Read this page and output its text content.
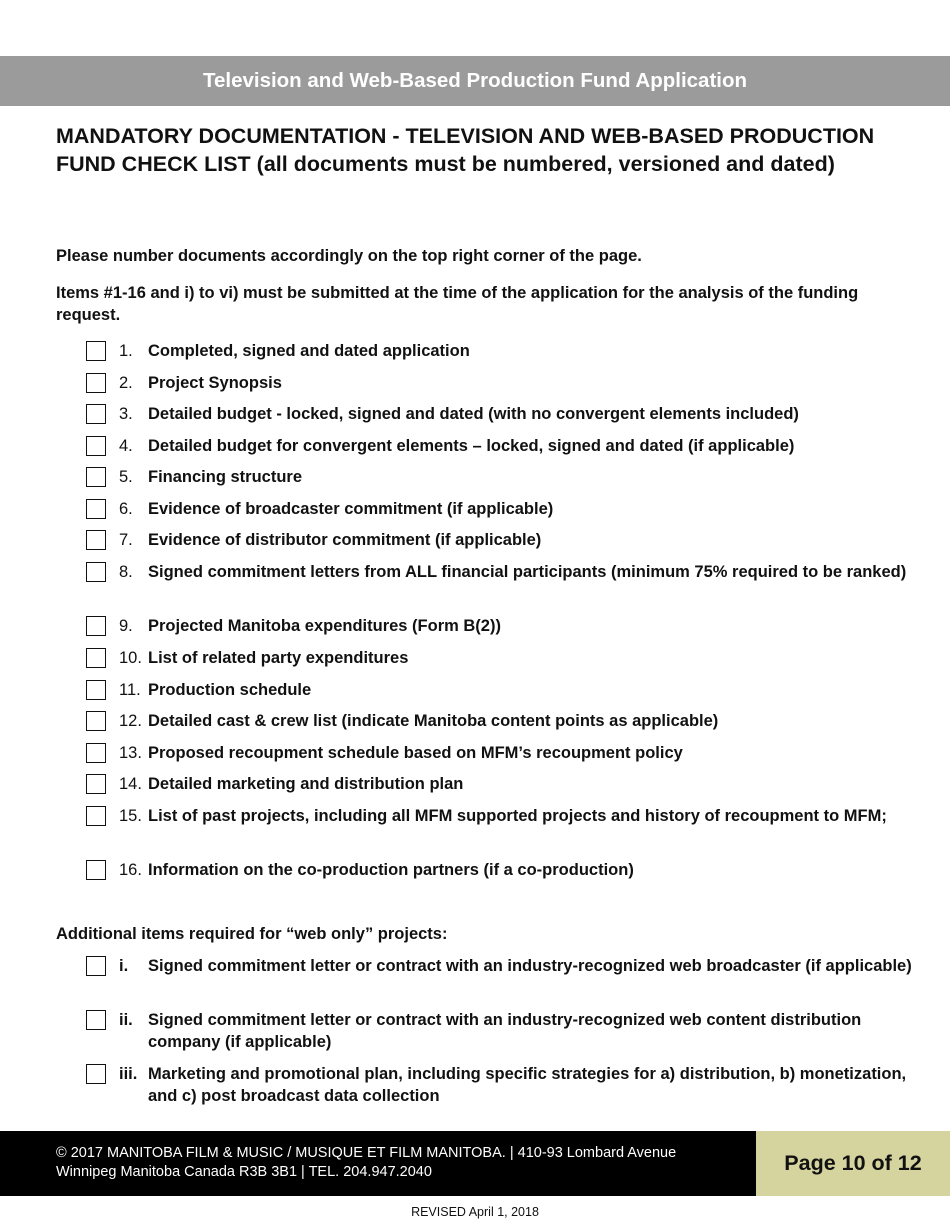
Television and Web-Based Production Fund Application
MANDATORY DOCUMENTATION - TELEVISION AND WEB-BASED PRODUCTION FUND CHECK LIST (all documents must be numbered, versioned and dated)

Please number documents accordingly on the top right corner of the page.

Items #1-16 and i) to vi) must be submitted at the time of the application for the analysis of the funding request.

1. Completed, signed and dated application
2. Project Synopsis
3. Detailed budget - locked, signed and dated (with no convergent elements included)
4. Detailed budget for convergent elements – locked, signed and dated (if applicable)
5. Financing structure
6. Evidence of broadcaster commitment (if applicable)
7. Evidence of distributor commitment (if applicable)
8. Signed commitment letters from ALL financial participants (minimum 75% required to be ranked)
9. Projected Manitoba expenditures (Form B(2))
10. List of related party expenditures
11. Production schedule
12. Detailed cast & crew list (indicate Manitoba content points as applicable)
13. Proposed recoupment schedule based on MFM’s recoupment policy
14. Detailed marketing and distribution plan
15. List of past projects, including all MFM supported projects and history of recoupment to MFM;
16. Information on the co-production partners (if a co-production)

Additional items required for “web only” projects:

i.	Signed commitment letter or contract with an industry-recognized web broadcaster (if applicable)
ii. Signed commitment letter or contract with an industry-recognized web content distribution company (if applicable)
iii. Marketing and promotional plan, including specific strategies for a) distribution, b) monetization, and c) post broadcast data collection
© 2017 MANITOBA FILM & MUSIC / MUSIQUE ET FILM MANITOBA. | 410-93 Lombard Avenue Winnipeg Manitoba Canada R3B 3B1 | TEL. 204.947.2040	Page 10 of 12
REVISED April 1, 2018
